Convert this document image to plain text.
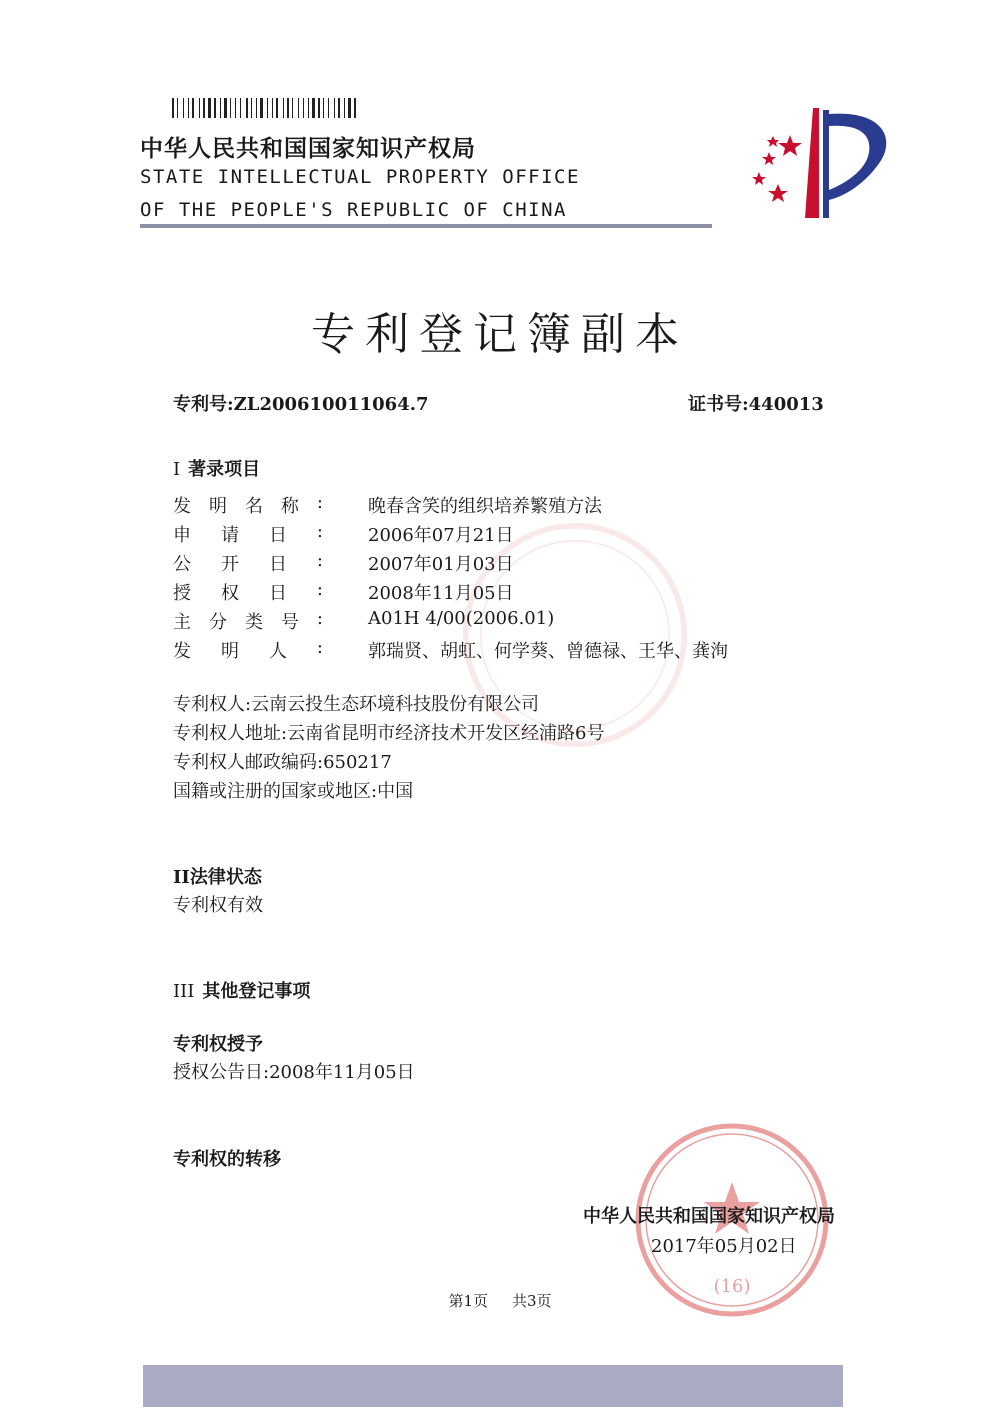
中华人民共和国国家知识产权局
STATE INTELLECTUAL PROPERTY OFFICE
OF THE PEOPLE'S REPUBLIC OF CHINA
专利登记簿副本
专利号:ZL200610011064.7	证书号:440013
I 著录项目
发 明 名 称 :	晚春含笑的组织培养繁殖方法
申 请 日 :	2006年07月21日
公 开 日 :	2007年01月03日
授 权 日 :	2008年11月05日
主 分 类 号 :	A01H 4/00(2006.01)
发 明 人 :	郭瑞贤、胡虹、何学葵、曾德禄、王华、龚洵
专利权人:云南云投生态环境科技股份有限公司
专利权人地址:云南省昆明市经济技术开发区经浦路6号
专利权人邮政编码:650217
国籍或注册的国家或地区:中国
II法律状态
专利权有效
III 其他登记事项
专利权授予
授权公告日:2008年11月05日
专利权的转移
(16)
中华人民共和国国家知识产权局
2017年05月02日
第1页 共3页
